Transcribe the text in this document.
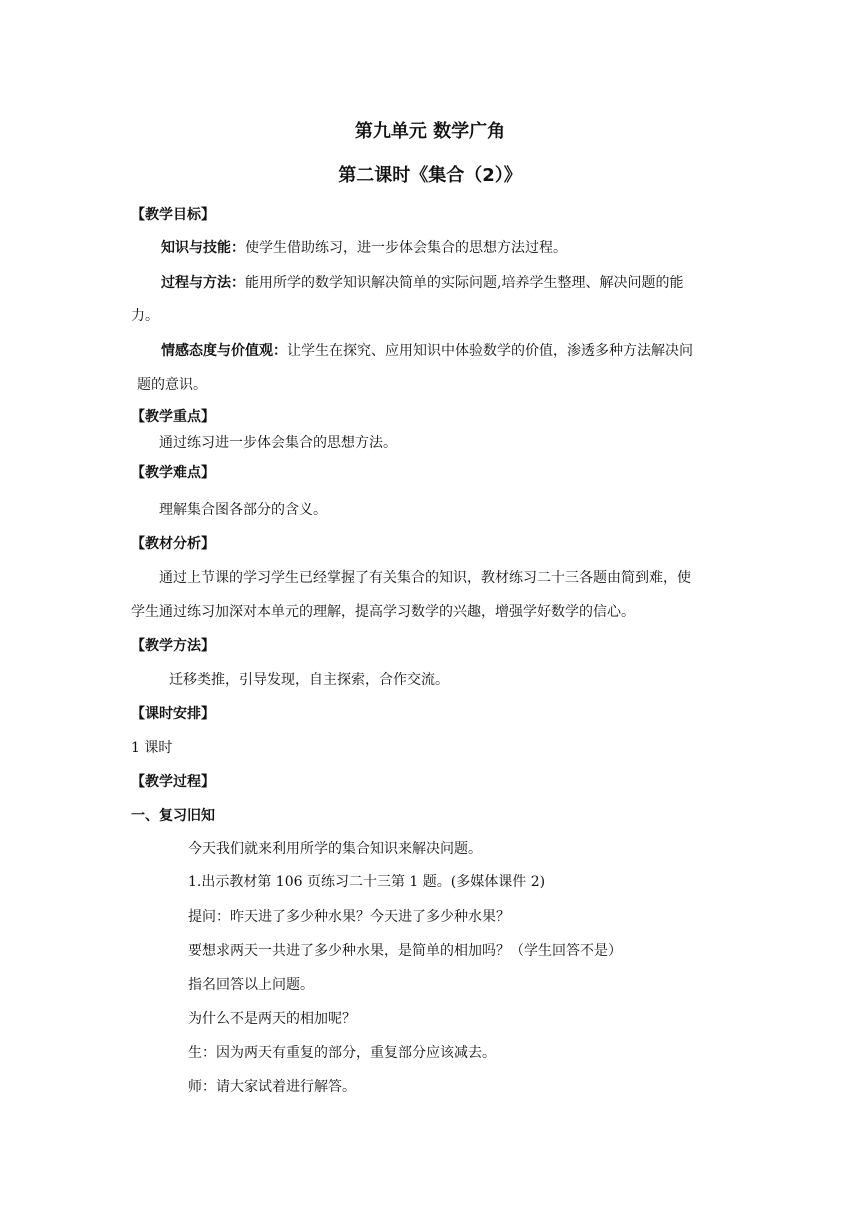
第九单元 数学广角
第二课时《集合（2）》
【教学目标】
知识与技能：使学生借助练习，进一步体会集合的思想方法过程。
过程与方法：能用所学的数学知识解决简单的实际问题,培养学生整理、解决问题的能
力。
情感态度与价值观：让学生在探究、应用知识中体验数学的价值，渗透多种方法解决问
题的意识。
【教学重点】
通过练习进一步体会集合的思想方法。
【教学难点】
理解集合图各部分的含义。
【教材分析】
通过上节课的学习学生已经掌握了有关集合的知识，教材练习二十三各题由简到难，使
学生通过练习加深对本单元的理解，提高学习数学的兴趣，增强学好数学的信心。
【教学方法】
迁移类推，引导发现，自主探索，合作交流。
【课时安排】
1 课时
【教学过程】
一、复习旧知
今天我们就来利用所学的集合知识来解决问题。
1.出示教材第 106 页练习二十三第 1 题。(多媒体课件 2)
提问：昨天进了多少种水果？今天进了多少种水果？
要想求两天一共进了多少种水果，是简单的相加吗？（学生回答不是）
指名回答以上问题。
为什么不是两天的相加呢？
生：因为两天有重复的部分，重复部分应该减去。
师：请大家试着进行解答。
